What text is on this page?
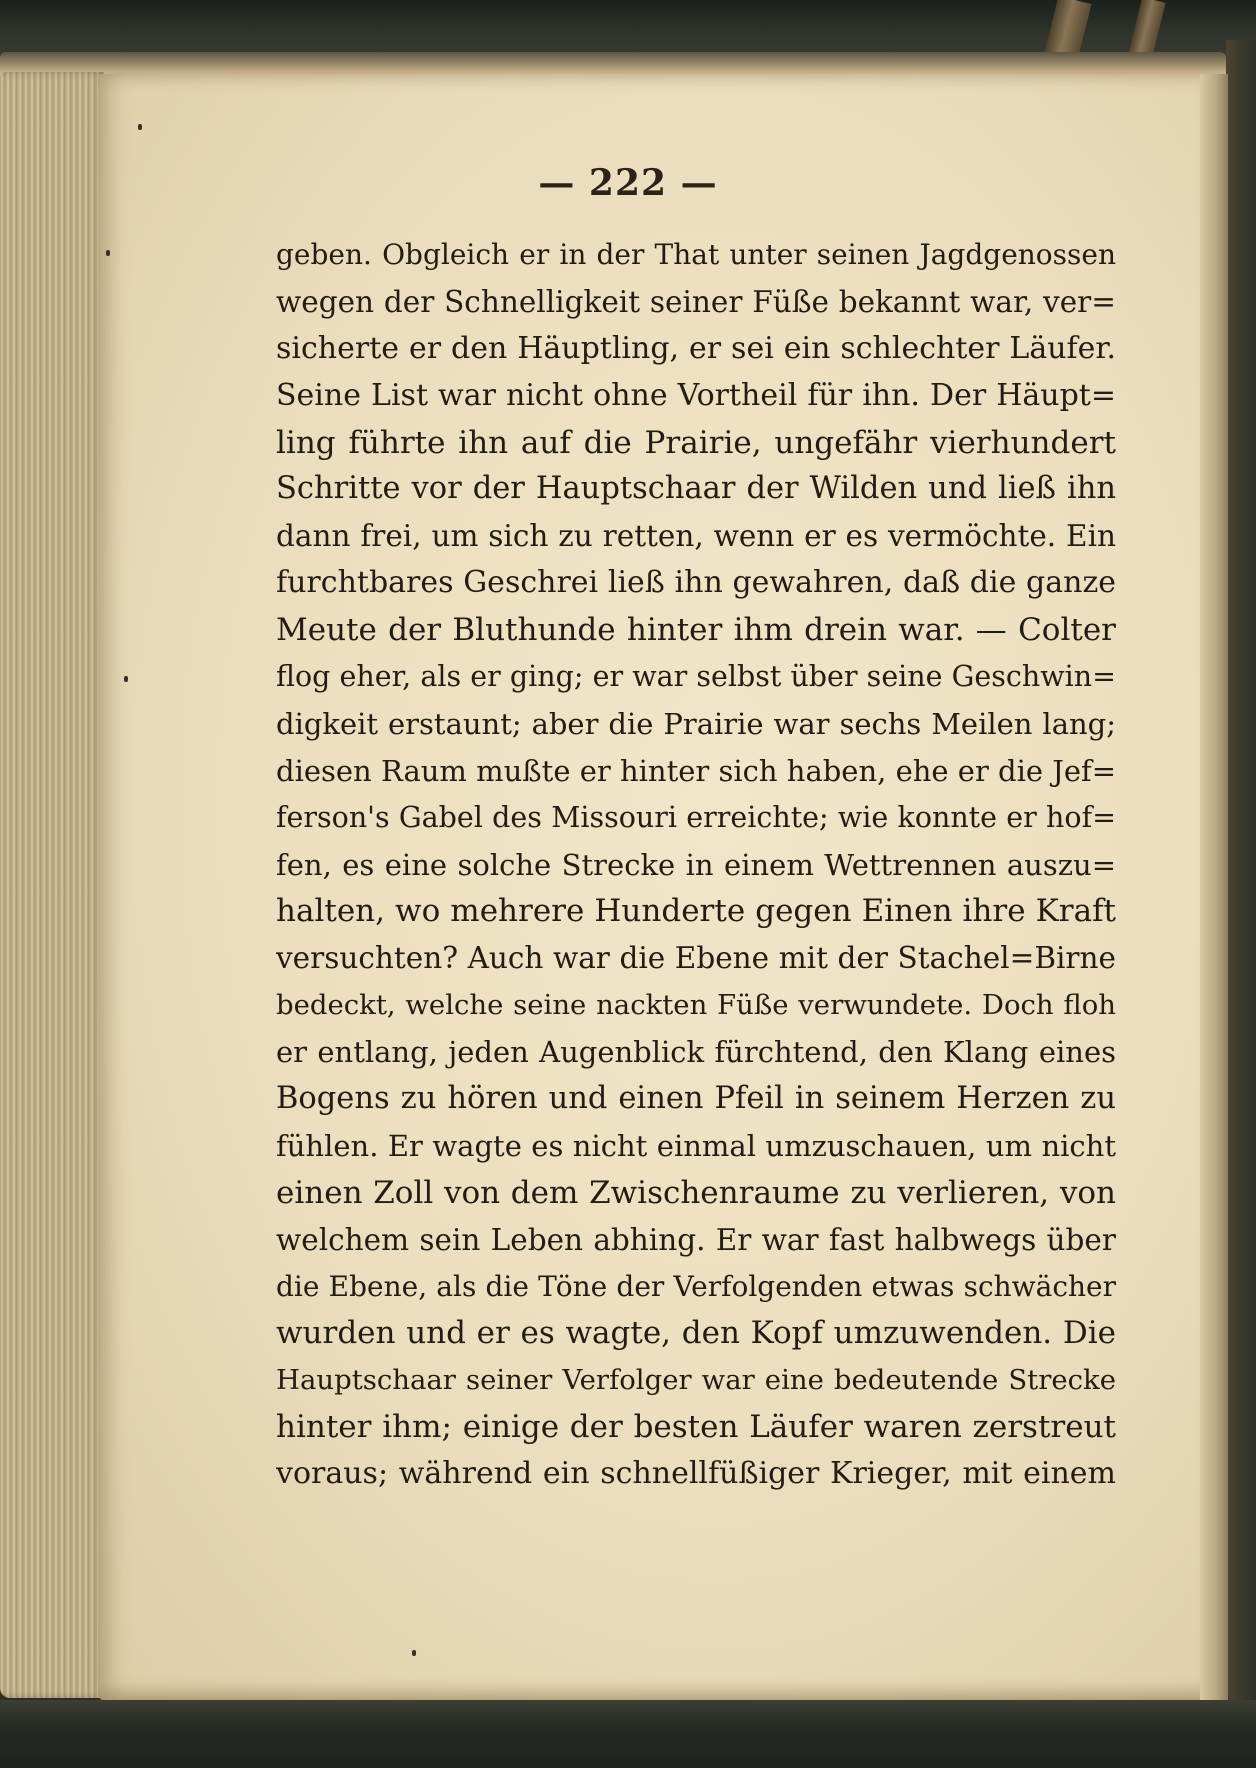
— 222 —
geben. Obgleich er in der That unter seinen Jagdgenossen
wegen der Schnelligkeit seiner Füße bekannt war, ver=
sicherte er den Häuptling, er sei ein schlechter Läufer.
Seine List war nicht ohne Vortheil für ihn. Der Häupt=
ling führte ihn auf die Prairie, ungefähr vierhundert
Schritte vor der Hauptschaar der Wilden und ließ ihn
dann frei, um sich zu retten, wenn er es vermöchte. Ein
furchtbares Geschrei ließ ihn gewahren, daß die ganze
Meute der Bluthunde hinter ihm drein war. — Colter
flog eher, als er ging; er war selbst über seine Geschwin=
digkeit erstaunt; aber die Prairie war sechs Meilen lang;
diesen Raum mußte er hinter sich haben, ehe er die Jef=
ferson's Gabel des Missouri erreichte; wie konnte er hof=
fen, es eine solche Strecke in einem Wettrennen auszu=
halten, wo mehrere Hunderte gegen Einen ihre Kraft
versuchten? Auch war die Ebene mit der Stachel=Birne
bedeckt, welche seine nackten Füße verwundete. Doch floh
er entlang, jeden Augenblick fürchtend, den Klang eines
Bogens zu hören und einen Pfeil in seinem Herzen zu
fühlen. Er wagte es nicht einmal umzuschauen, um nicht
einen Zoll von dem Zwischenraume zu verlieren, von
welchem sein Leben abhing. Er war fast halbwegs über
die Ebene, als die Töne der Verfolgenden etwas schwächer
wurden und er es wagte, den Kopf umzuwenden. Die
Hauptschaar seiner Verfolger war eine bedeutende Strecke
hinter ihm; einige der besten Läufer waren zerstreut
voraus; während ein schnellfüßiger Krieger, mit einem
